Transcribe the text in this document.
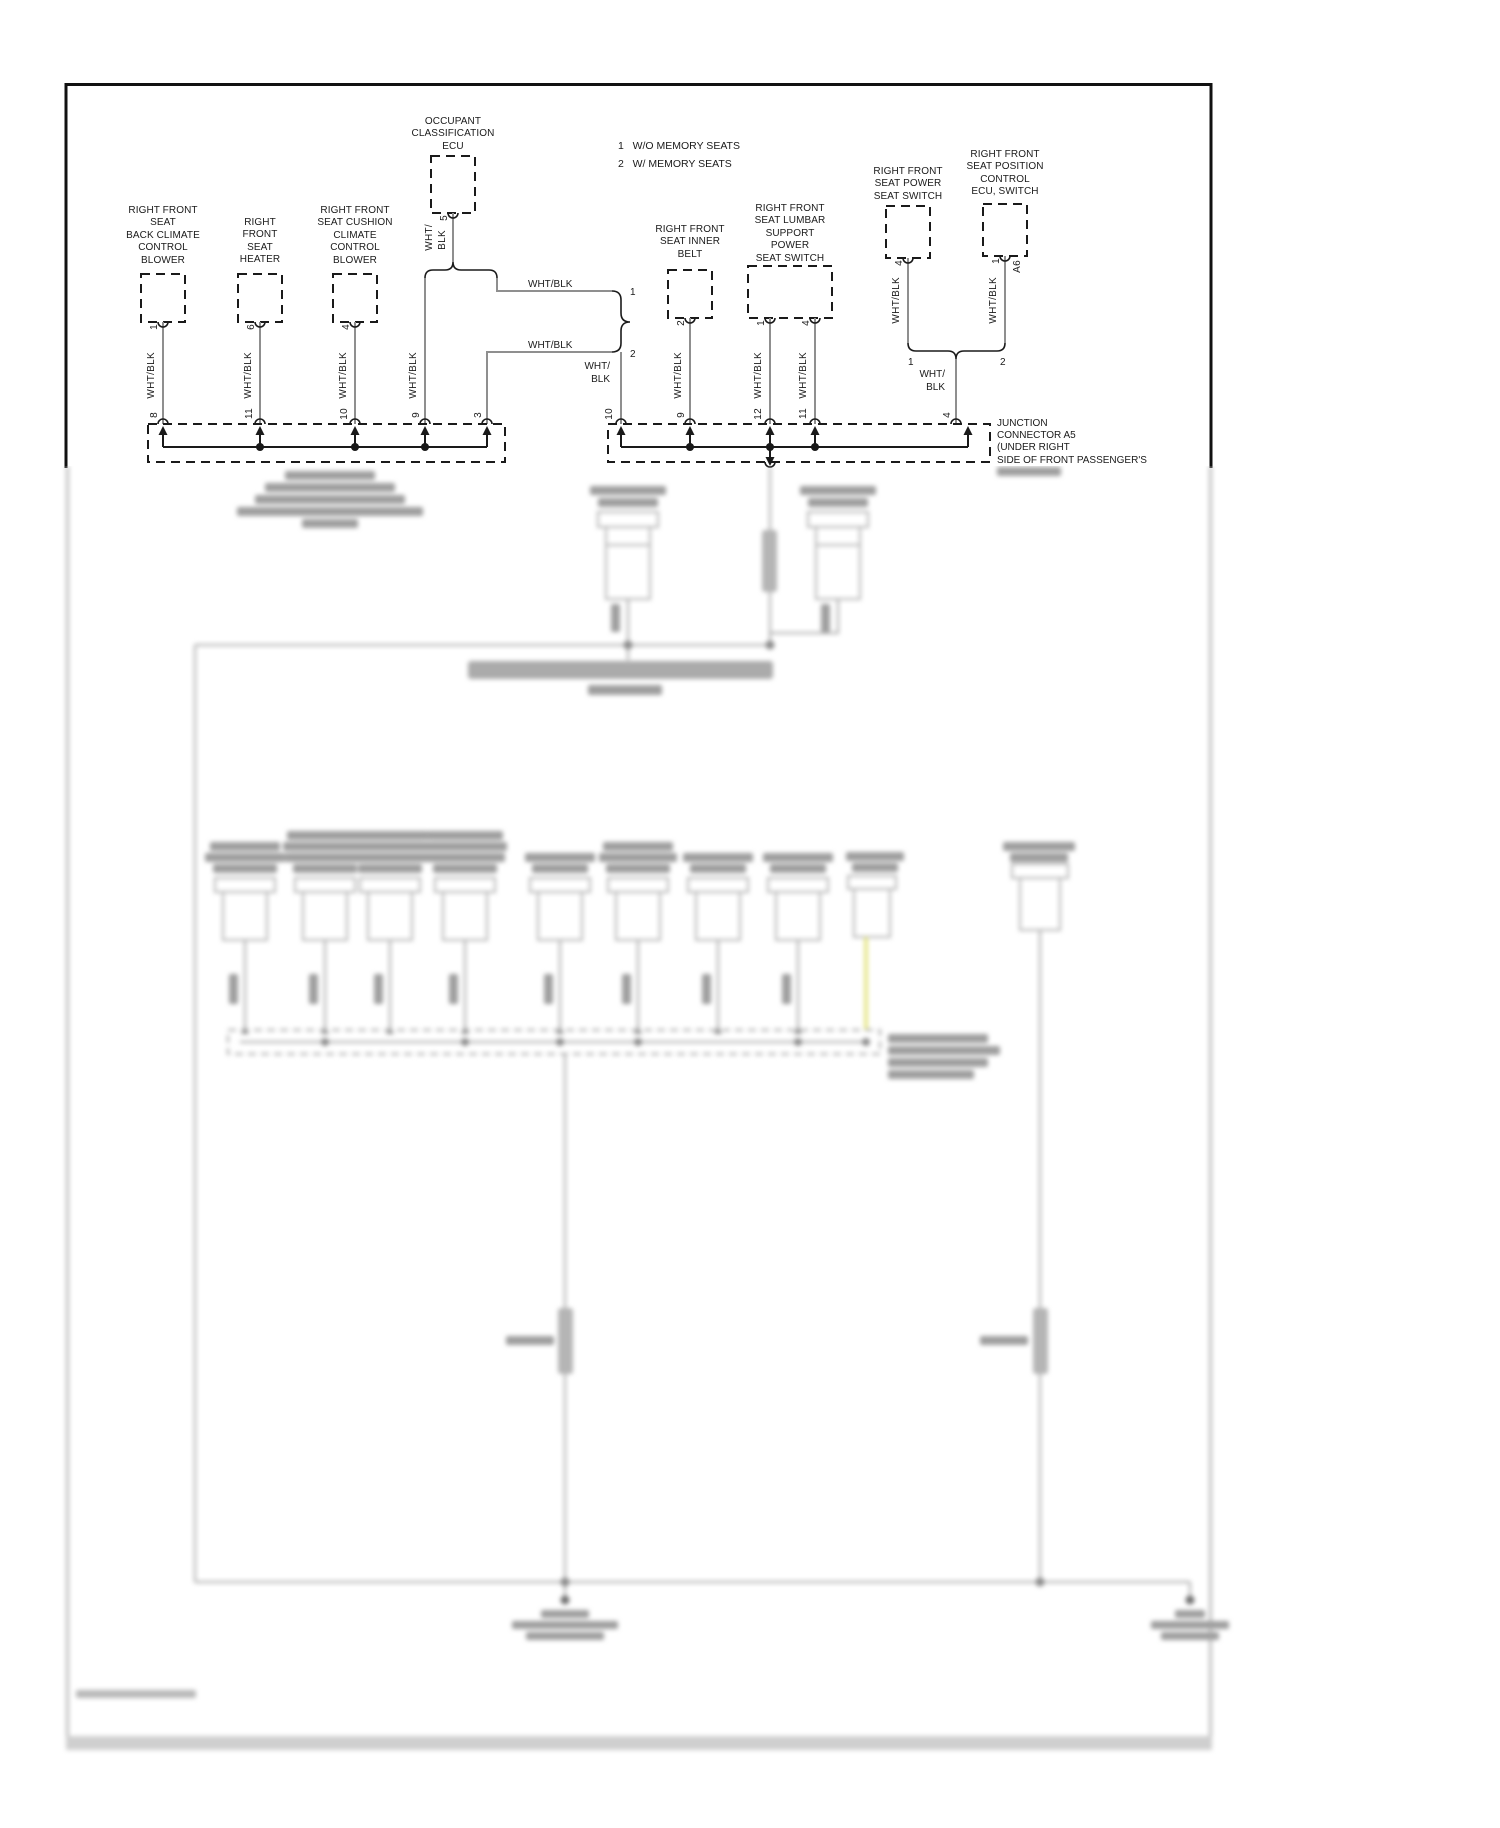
1 W/O MEMORY SEATS
2 W/ MEMORY SEATS
RIGHT FRONT
SEAT
BACK CLIMATE
CONTROL
BLOWER
RIGHT
FRONT
SEAT
HEATER
RIGHT FRONT
SEAT CUSHION
CLIMATE
CONTROL
BLOWER
OCCUPANT
CLASSIFICATION
ECU
RIGHT FRONT
SEAT INNER
BELT
RIGHT FRONT
SEAT LUMBAR
SUPPORT
POWER
SEAT SWITCH
RIGHT FRONT
SEAT POWER
SEAT SWITCH
RIGHT FRONT
SEAT POSITION
CONTROL
ECU, SWITCH
WHT/BLK	WHT/BLK	WHT/BLK
WHT/ BLK
WHT/BLK	WHT/BLK	WHT/BLK	WHT/BLK
WHT/BLK	WHT/BLK
1	6	4
5
2	1	4
4	1 A6
8	11	10	9	3	10	9	12	11	4
WHT/BLK
WHT/BLK
1
2
WHT/
BLK
1	2
WHT/
BLK
JUNCTION
CONNECTOR A5
(UNDER RIGHT
SIDE OF FRONT PASSENGER'S
